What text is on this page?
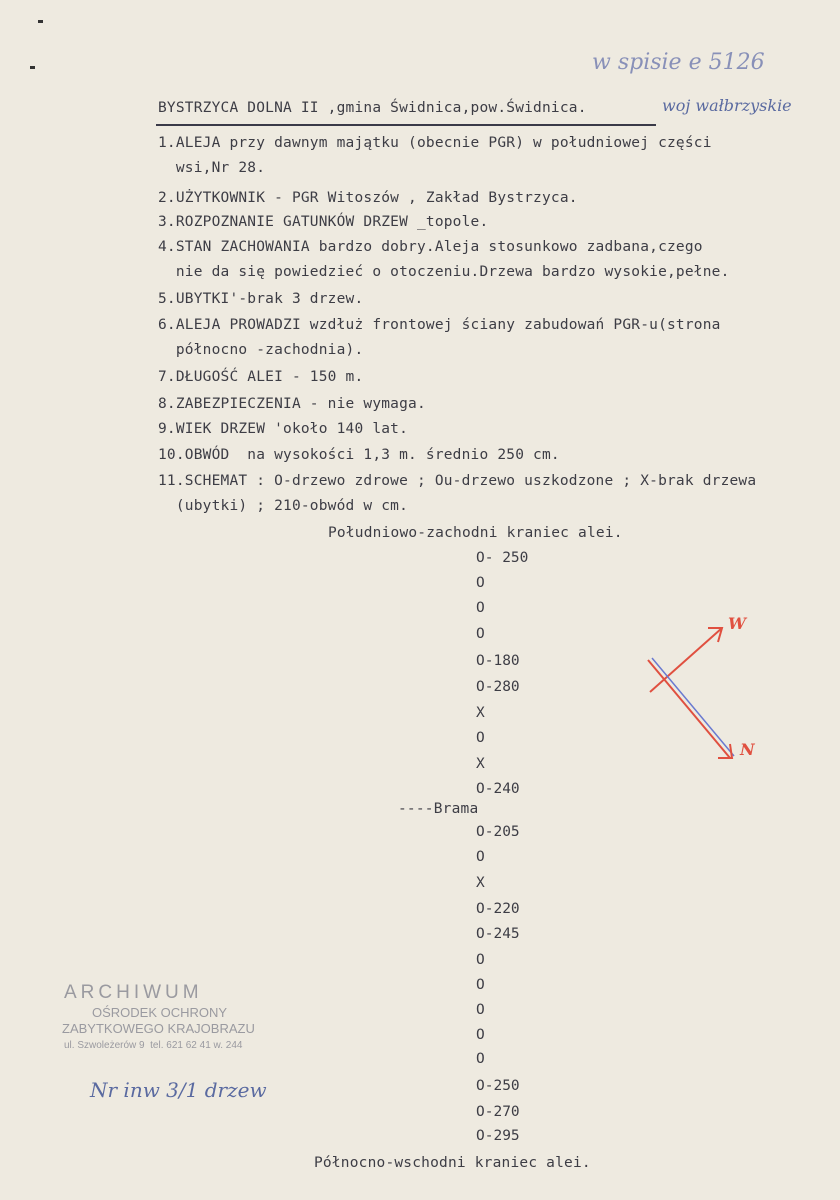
w spisie e 5126
woj wałbrzyskie
Nr inw 3/1 drzew
BYSTRZYCA DOLNA II ,gmina Świdnica,pow.Świdnica.
1.ALEJA przy dawnym majątku (obecnie PGR) w południowej części
wsi,Nr 28.
2.UŻYTKOWNIK - PGR Witoszów , Zakład Bystrzyca.
3.ROZPOZNANIE GATUNKÓW DRZEW _topole.
4.STAN ZACHOWANIA bardzo dobry.Aleja stosunkowo zadbana,czego
nie da się powiedzieć o otoczeniu.Drzewa bardzo wysokie,pełne.
5.UBYTKI'-brak 3 drzew.
6.ALEJA PROWADZI wzdłuż frontowej ściany zabudowań PGR-u(strona
północno -zachodnia).
7.DŁUGOŚĆ ALEI - 150 m.
8.ZABEZPIECZENIA - nie wymaga.
9.WIEK DRZEW 'około 140 lat.
10.OBWÓD  na wysokości 1,3 m. średnio 250 cm.
11.SCHEMAT : O-drzewo zdrowe ; Ou-drzewo uszkodzone ; X-brak drzewa
(ubytki) ; 210-obwód w cm.
Południowo-zachodni kraniec alei.
O- 250
O
O
O
O-180
O-280
X
O
X
O-240
O-205
O
X
O-220
O-245
O
O
O
O
O
O-250
O-270
O-295
----Brama
Północno-wschodni kraniec alei.
W
N
ARCHIWUM
OŚRODEK OCHRONY
ZABYTKOWEGO KRAJOBRAZU
ul. Szwoleżerów 9  tel. 621 62 41 w. 244
